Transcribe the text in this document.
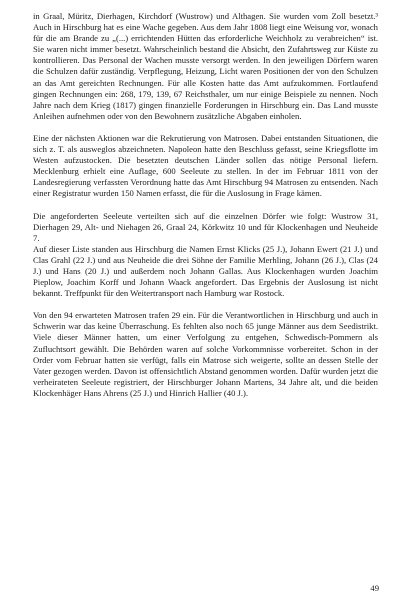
in Graal, Müritz, Dierhagen, Kirchdorf (Wustrow) und Althagen. Sie wurden vom Zoll besetzt.³ Auch in Hirschburg hat es eine Wache gegeben. Aus dem Jahr 1808 liegt eine Weisung vor, wonach für die am Brande zu „(...) errichtenden Hütten das erforderliche Weichholz zu verabreichen“ ist. Sie waren nicht immer besetzt. Wahrscheinlich bestand die Absicht, den Zufahrtsweg zur Küste zu kontrollieren. Das Personal der Wachen musste versorgt werden. In den jeweiligen Dörfern waren die Schulzen dafür zuständig. Verpflegung, Heizung, Licht waren Positionen der von den Schulzen an das Amt gereichten Rechnungen. Für alle Kosten hatte das Amt aufzukommen. Fortlaufend gingen Rechnungen ein: 268, 179, 139, 67 Reichsthaler, um nur einige Beispiele zu nennen. Noch Jahre nach dem Krieg (1817) gingen finanzielle Forderungen in Hirschburg ein. Das Land musste Anleihen aufnehmen oder von den Bewohnern zusätzliche Abgaben einholen.

Eine der nächsten Aktionen war die Rekrutierung von Matrosen. Dabei entstanden Situationen, die sich z. T. als ausweglos abzeichneten. Napoleon hatte den Beschluss gefasst, seine Kriegsflotte im Westen aufzustocken. Die besetzten deutschen Länder sollen das nötige Personal liefern. Mecklenburg erhielt eine Auflage, 600 Seeleute zu stellen. In der im Februar 1811 von der Landesregierung verfassten Verordnung hatte das Amt Hirschburg 94 Matrosen zu entsenden. Nach einer Registratur wurden 150 Namen erfasst, die für die Auslosung in Frage kämen.

Die angeforderten Seeleute verteilten sich auf die einzelnen Dörfer wie folgt: Wustrow 31, Dierhagen 29, Alt- und Niehagen 26, Graal 24, Körkwitz 10 und für Klockenhagen und Neuheide 7.

Auf dieser Liste standen aus Hirschburg die Namen Ernst Klicks (25 J.), Johann Ewert (21 J.) und Clas Grahl (22 J.) und aus Neuheide die drei Söhne der Familie Merhling, Johann (26 J.), Clas (24 J.) und Hans (20 J.) und außerdem noch Johann Gallas. Aus Klockenhagen wurden Joachim Pieplow, Joachim Korff und Johann Waack angefordert. Das Ergebnis der Auslosung ist nicht bekannt. Treffpunkt für den Weitertransport nach Hamburg war Rostock.

Von den 94 erwarteten Matrosen trafen 29 ein. Für die Verantwortlichen in Hirschburg und auch in Schwerin war das keine Überraschung. Es fehlten also noch 65 junge Männer aus dem Seedistrikt. Viele dieser Männer hatten, um einer Verfolgung zu entgehen, Schwedisch-Pommern als Zufluchtsort gewählt. Die Behörden waren auf solche Vorkommnisse vorbereitet. Schon in der Order vom Februar hatten sie verfügt, falls ein Matrose sich weigerte, sollte an dessen Stelle der Vater gezogen werden. Davon ist offensichtlich Abstand genommen worden. Dafür wurden jetzt die verheirateten Seeleute registriert, der Hirschburger Johann Martens, 34 Jahre alt, und die beiden Klockenhäger Hans Ahrens (25 J.) und Hinrich Hallier (40 J.).

49
